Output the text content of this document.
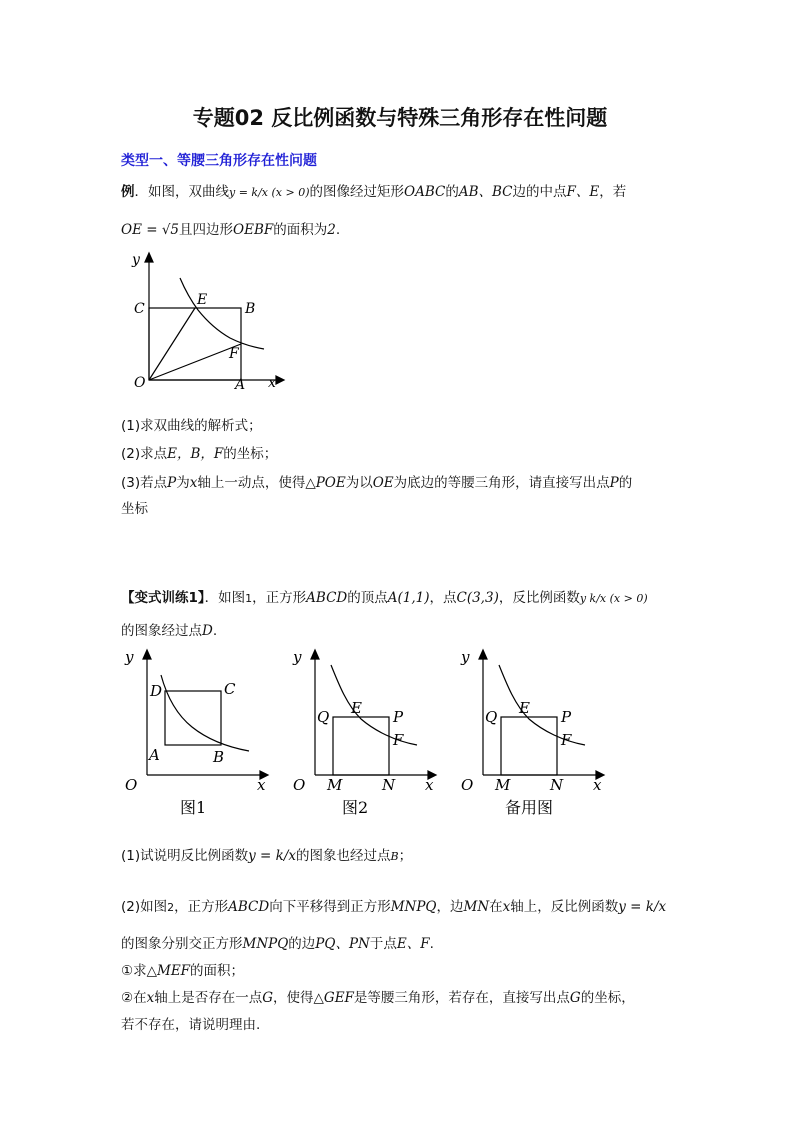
专题02 反比例函数与特殊三角形存在性问题
类型一、等腰三角形存在性问题
例．如图，双曲线y = k/x (x > 0)的图像经过矩形OABC的AB、BC边的中点F、E，若
OE = √5且四边形OEBF的面积为2.
y
C
E
B
F
O	A x
(1)求双曲线的解析式；
(2)求点E，B，F的坐标；
(3)若点P为x轴上一动点，使得△POE为以OE为底边的等腰三角形，请直接写出点P的
坐标
【变式训练1】．如图1，正方形ABCD的顶点A(1,1)，点C(3,3)，反比例函数y k/x (x > 0)
的图象经过点D.
y
D	C
A	B
O	x
图1
y
Q E P
F
O M	N x
图2
y
Q E P
F
O M	N x
备用图
(1)试说明反比例函数y = k/x的图象也经过点B；
(2)如图2，正方形ABCD向下平移得到正方形MNPQ，边MN在x轴上，反比例函数y = k/x
的图象分别交正方形MNPQ的边PQ、PN于点E、F.
①求△MEF的面积；
②在x轴上是否存在一点G，使得△GEF是等腰三角形，若存在，直接写出点G的坐标，
若不存在，请说明理由.
